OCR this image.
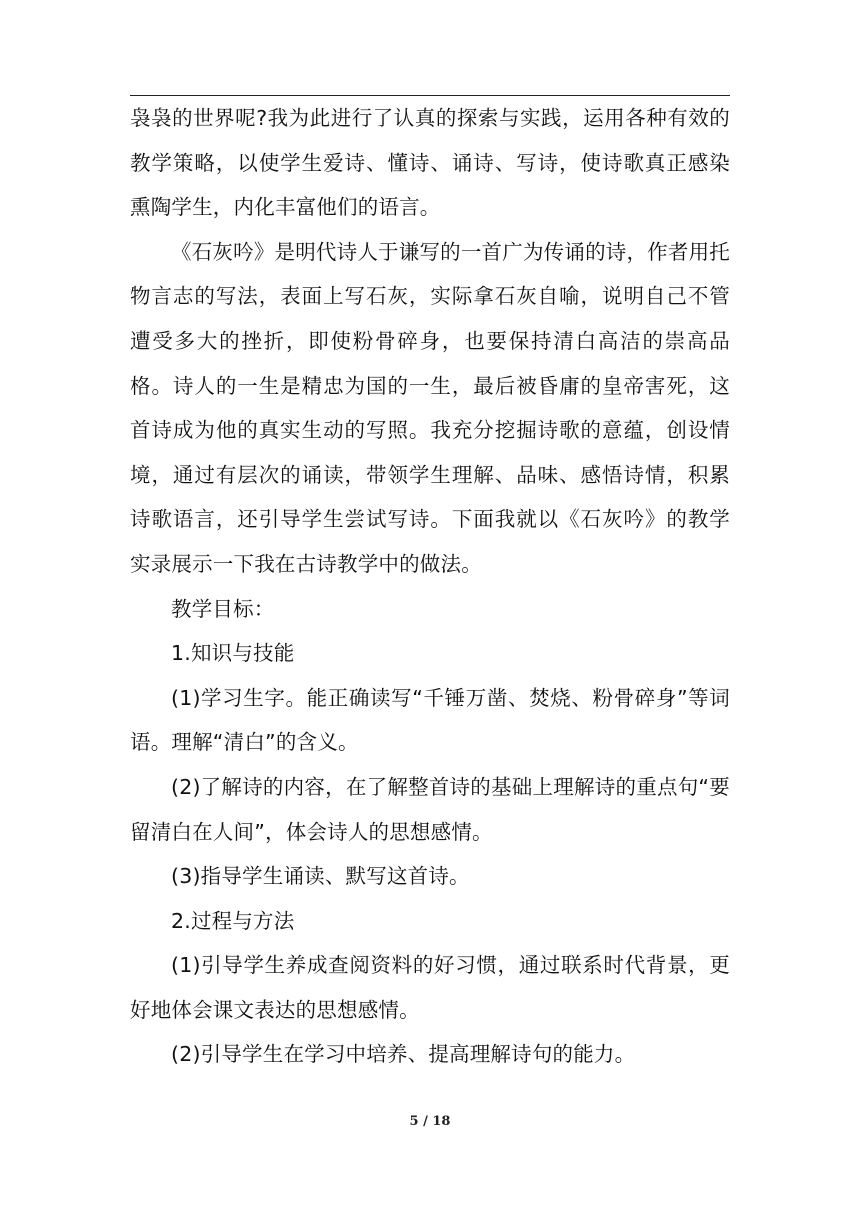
袅袅的世界呢?我为此进行了认真的探索与实践，运用各种有效的教学策略，以使学生爱诗、懂诗、诵诗、写诗，使诗歌真正感染熏陶学生，内化丰富他们的语言。

《石灰吟》是明代诗人于谦写的一首广为传诵的诗，作者用托物言志的写法，表面上写石灰，实际拿石灰自喻，说明自己不管遭受多大的挫折，即使粉骨碎身，也要保持清白高洁的崇高品格。诗人的一生是精忠为国的一生，最后被昏庸的皇帝害死，这首诗成为他的真实生动的写照。我充分挖掘诗歌的意蕴，创设情境，通过有层次的诵读，带领学生理解、品味、感悟诗情，积累诗歌语言，还引导学生尝试写诗。下面我就以《石灰吟》的教学实录展示一下我在古诗教学中的做法。

教学目标：

1.知识与技能

(1)学习生字。能正确读写“千锤万凿、焚烧、粉骨碎身”等词语。理解“清白”的含义。

(2)了解诗的内容，在了解整首诗的基础上理解诗的重点句“要留清白在人间”，体会诗人的思想感情。

(3)指导学生诵读、默写这首诗。

2.过程与方法

(1)引导学生养成查阅资料的好习惯，通过联系时代背景，更好地体会课文表达的思想感情。

(2)引导学生在学习中培养、提高理解诗句的能力。

5 / 18
